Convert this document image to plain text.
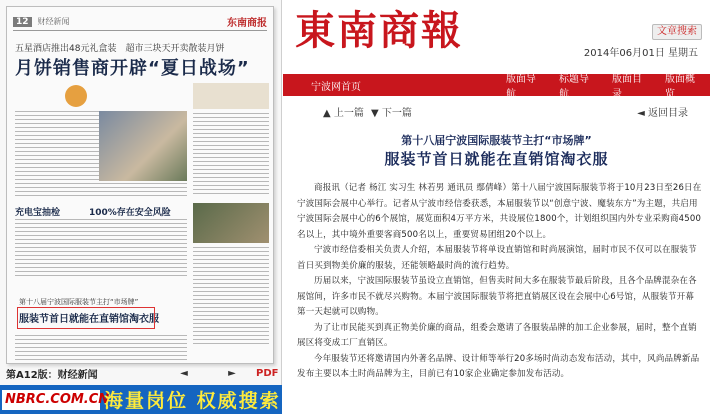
12	财经新闻	东南商报
五星酒店推出48元礼盒装　超市三块天开卖散装月饼
月饼销售商开辟“夏日战场”
充电宝抽检	100%存在安全风险
第十八届宁波国际服装节主打“市场牌”
服装节首日就能在直销馆淘衣服
第A12版：财经新闻	◄	►	PDF
NBRC.COM.CN
海量岗位 权威搜索
東南商報	文章搜索
2014年06月01日 星期五
宁波网首页
版面导航
标题导航
版面目录
版面概览
▲ 上一篇 ▼ 下一篇	◄ 返回目录
第十八届宁波国际服装节主打“市场牌”
服装节首日就能在直销馆淘衣服

商报讯（记者 杨江 实习生 林若男 通讯员 鄢倩峰）第十八届宁波国际服装节将于10月23日至26日在宁波国际会展中心举行。记者从宁波市经信委获悉，本届服装节以“创意宁波、魔装东方”为主题，共启用宁波国际会展中心的6个展馆，展览面积4万平方米，共设展位1800个，计划组织国内外专业采购商4500名以上，其中境外重要客商500名以上，重要贸易团组20个以上。

宁波市经信委相关负责人介绍，本届服装节将单设直销馆和时尚展演馆，届时市民不仅可以在服装节首日买到物美价廉的服装，还能领略最时尚的流行趋势。

历届以来，宁波国际服装节虽设立直销馆，但售卖时间大多在服装节最后阶段，且各个品牌混杂在各展馆间，许多市民不就尽兴购物。本届宁波国际服装节将把直销展区设在会展中心6号馆，从服装节开幕第一天起就可以购物。

为了让市民能买到真正物美价廉的商品，组委会邀请了各服装品牌的加工企业参展，届时，整个直销展区将变成工厂直销区。

今年服装节还将邀请国内外著名品牌、设计师等举行20多场时尚动态发布活动，其中，风尚品牌新品发布主要以本土时尚品牌为主，目前已有10家企业确定参加发布活动。
